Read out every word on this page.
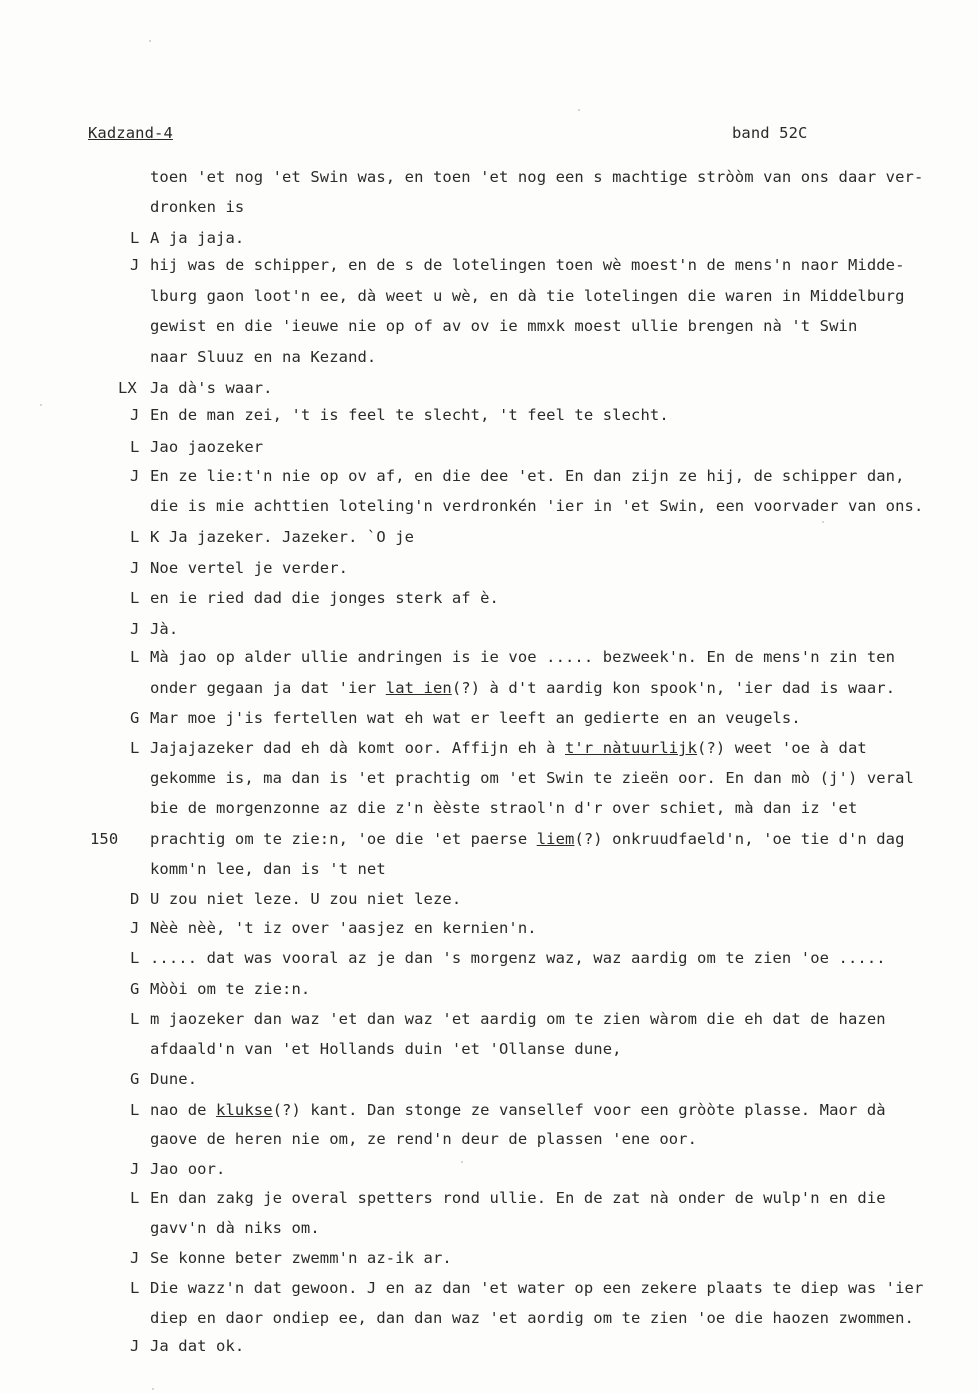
Kadzand-4	band 52C
toen 'et nog 'et Swin was, en toen 'et nog een s machtige stròòm van ons daar ver-
dronken is
L A ja jaja.
J hij was de schipper, en de s de lotelingen toen wè moest'n de mens'n naor Midde-
lburg gaon loot'n ee, dà weet u wè, en dà tie lotelingen die waren in Middelburg
gewist en die 'ieuwe nie op of av ov ie mmxk moest ullie brengen nà 't Swin
naar Sluuz en na Kezand.
LX Ja dà's waar.
J En de man zei, 't is feel te slecht, 't feel te slecht.
L Jao jaozeker
J En ze lie:t'n nie op ov af, en die dee 'et. En dan zijn ze hij, de schipper dan,
die is mie achttien loteling'n verdronkén 'ier in 'et Swin, een voorvader van ons.
L K Ja jazeker. Jazeker. `O je
J Noe vertel je verder.
L en ie ried dad die jonges sterk af è.
J Jà.
L Mà jao op alder ullie andringen is ie voe ..... bezweek'n. En de mens'n zin ten
onder gegaan ja dat 'ier lat ien(?) à d't aardig kon spook'n, 'ier dad is waar.
G Mar moe j'is fertellen wat eh wat er leeft an gedierte en an veugels.
L Jajajazeker dad eh dà komt oor. Affijn eh à t'r nàtuurlijk(?) weet 'oe à dat
gekomme is, ma dan is 'et prachtig om 'et Swin te zieën oor. En dan mò (j') veral
bie de morgenzonne az die z'n èèste straol'n d'r over schiet, mà dan iz 'et
150 prachtig om te zie:n, 'oe die 'et paerse liem(?) onkruudfaeld'n, 'oe tie d'n dag
komm'n lee, dan is 't net
D U zou niet leze. U zou niet leze.
J Nèè nèè, 't iz over 'aasjez en kernien'n.
L ..... dat was vooral az je dan 's morgenz waz, waz aardig om te zien 'oe .....
G Mòòi om te zie:n.
L m jaozeker dan waz 'et dan waz 'et aardig om te zien wàrom die eh dat de hazen
afdaald'n van 'et Hollands duin 'et 'Ollanse dune,
G Dune.
L nao de klukse(?) kant. Dan stonge ze vansellef voor een gròòte plasse. Maor dà
gaove de heren nie om, ze rend'n deur de plassen 'ene oor.
J Jao oor.
L En dan zakg je overal spetters rond ullie. En de zat nà onder de wulp'n en die
gavv'n dà niks om.
J Se konne beter zwemm'n az-ik ar.
L Die wazz'n dat gewoon. J en az dan 'et water op een zekere plaats te diep was 'ier
diep en daor ondiep ee, dan dan waz 'et aordig om te zien 'oe die haozen zwommen.
J Ja dat ok.
